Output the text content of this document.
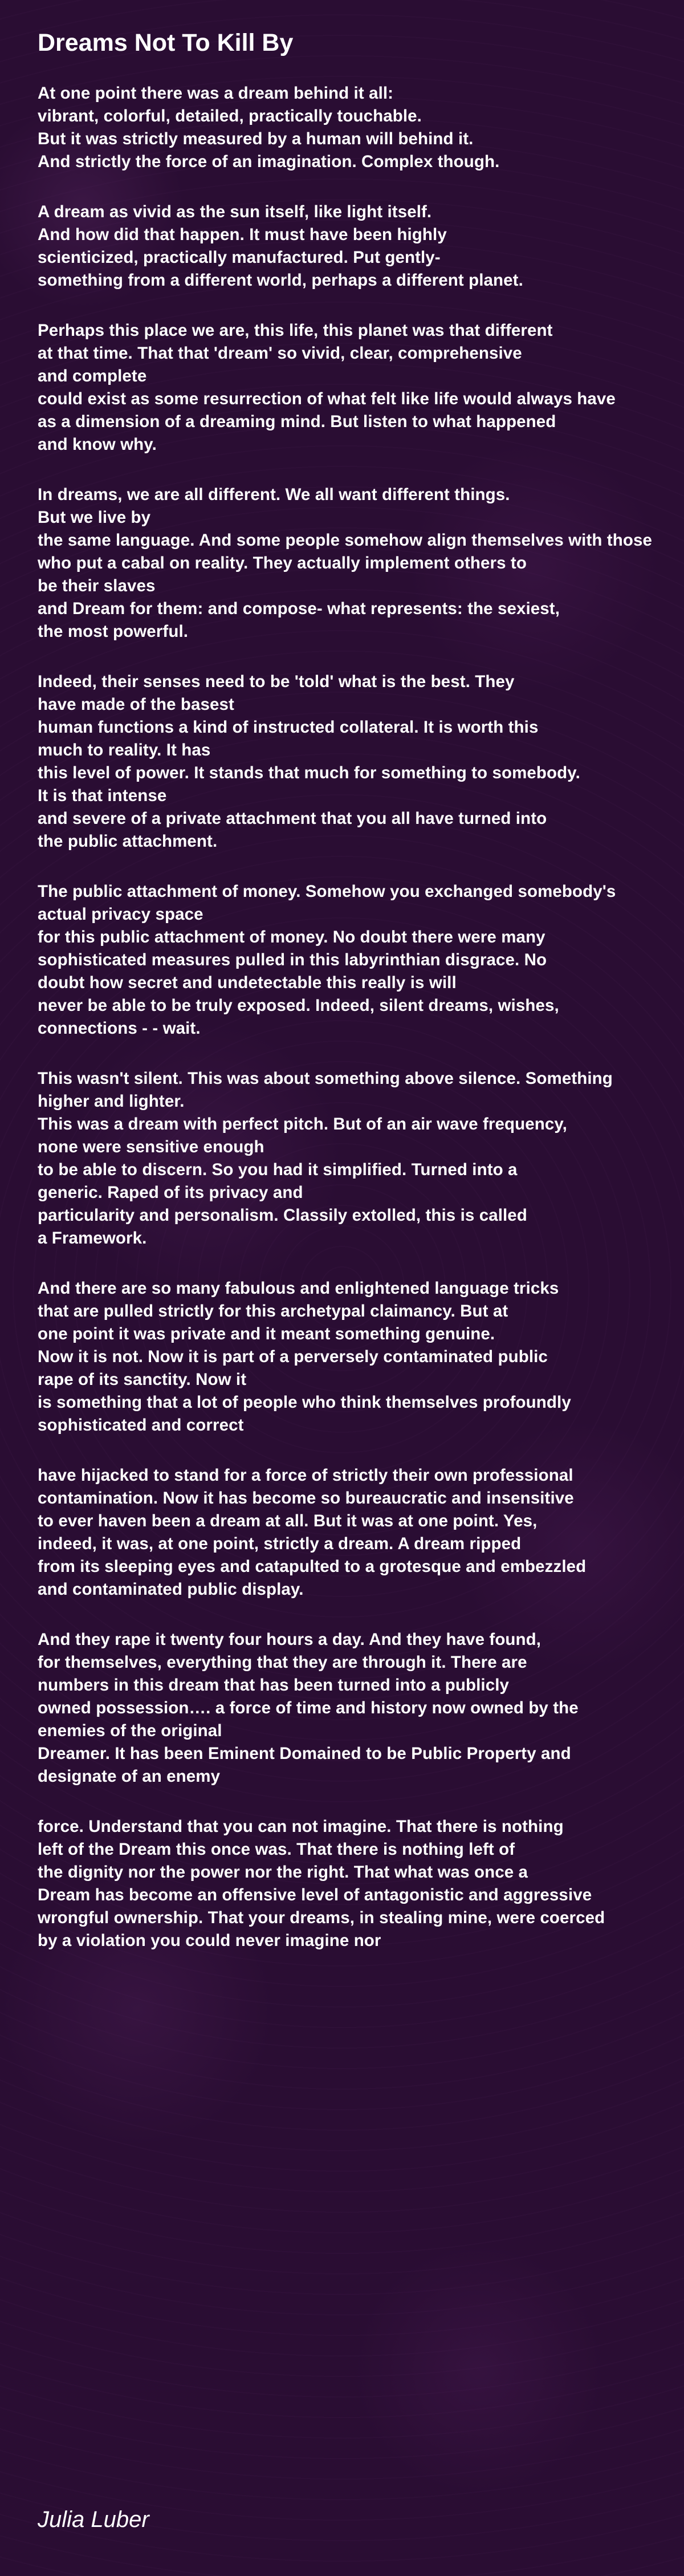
Dreams Not To Kill By
At one point there was a dream behind it all:
vibrant, colorful, detailed, practically touchable.
But it was strictly measured by a human will behind it.
And strictly the force of an imagination. Complex though.
A dream as vivid as the sun itself, like light itself.
And how did that happen. It must have been highly
scienticized, practically manufactured. Put gently-
something from a different world, perhaps a different planet.
Perhaps this place we are, this life, this planet was that different
at that time. That that 'dream' so vivid, clear, comprehensive
and complete
could exist as some resurrection of what felt like life would always have
as a dimension of a dreaming mind. But listen to what happened
and know why.
In dreams, we are all different. We all want different things.
But we live by
the same language. And some people somehow align themselves with those
who put a cabal on reality. They actually implement others to
be their slaves
and Dream for them: and compose- what represents: the sexiest,
the most powerful.
Indeed, their senses need to be 'told' what is the best. They
have made of the basest
human functions a kind of instructed collateral. It is worth this
much to reality. It has
this level of power. It stands that much for something to somebody.
It is that intense
and severe of a private attachment that you all have turned into
the public attachment.
The public attachment of money. Somehow you exchanged somebody's
actual privacy space
for this public attachment of money. No doubt there were many
sophisticated measures pulled in this labyrinthian disgrace. No
doubt how secret and undetectable this really is will
never be able to be truly exposed. Indeed, silent dreams, wishes,
connections - - wait.
This wasn't silent. This was about something above silence. Something
higher and lighter.
This was a dream with perfect pitch. But of an air wave frequency,
none were sensitive enough
to be able to discern. So you had it simplified. Turned into a
generic. Raped of its privacy and
particularity and personalism. Classily extolled, this is called
a Framework.
And there are so many fabulous and enlightened language tricks
that are pulled strictly for this archetypal claimancy. But at
one point it was private and it meant something genuine.
Now it is not. Now it is part of a perversely contaminated public
rape of its sanctity. Now it
is something that a lot of people who think themselves profoundly
sophisticated and correct
have hijacked to stand for a force of strictly their own professional
contamination. Now it has become so bureaucratic and insensitive
to ever haven been a dream at all. But it was at one point. Yes,
indeed, it was, at one point, strictly a dream. A dream ripped
from its sleeping eyes and catapulted to a grotesque and embezzled
and contaminated public display.
And they rape it twenty four hours a day. And they have found,
for themselves, everything that they are through it. There are
numbers in this dream that has been turned into a publicly
owned possession…. a force of time and history now owned by the
enemies of the original
Dreamer. It has been Eminent Domained to be Public Property and
designate of an enemy
force. Understand that you can not imagine. That there is nothing
left of the Dream this once was. That there is nothing left of
the dignity nor the power nor the right. That what was once a
Dream has become an offensive level of antagonistic and aggressive
wrongful ownership. That your dreams, in stealing mine, were coerced
by a violation you could never imagine nor

Julia Luber
